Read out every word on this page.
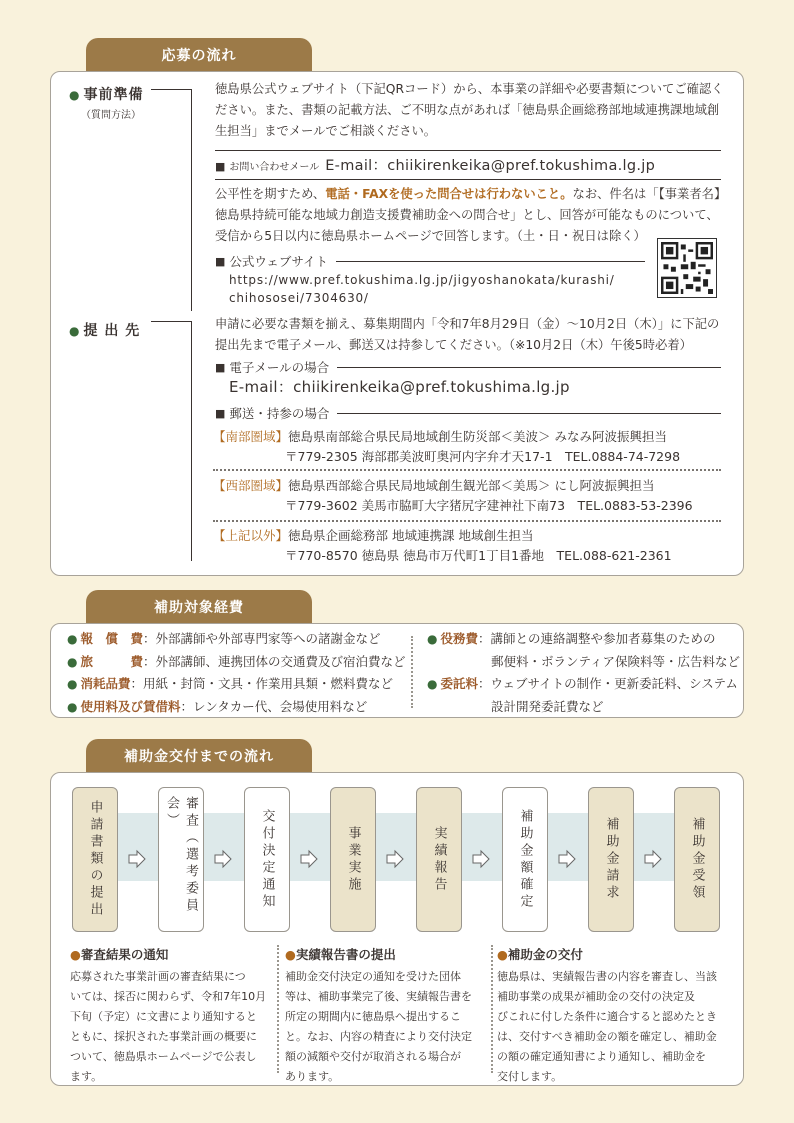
応募の流れ
● 事前準備
（質問方法）
徳島県公式ウェブサイト（下記QRコード）から、本事業の詳細や必要書類についてご確認ください。また、書類の記載方法、ご不明な点があれば「徳島県企画総務部地域連携課地域創生担当」までメールでご相談ください。
■ お問い合わせメール E-mail：chiikirenkeika@pref.tokushima.lg.jp
公平性を期すため、電話・FAXを使った問合せは行わないこと。なお、件名は「【事業者名】徳島県持続可能な地域力創造支援費補助金への問合せ」とし、回答が可能なものについて、受信から5日以内に徳島県ホームページで回答します。（土・日・祝日は除く）
■ 公式ウェブサイト
https://www.pref.tokushima.lg.jp/jigyoshanokata/kurashi/
chihososei/7304630/
● 提 出 先	申請に必要な書類を揃え、募集期間内「令和7年8月29日（金）～10月2日（木）」に下記の提出先まで電子メール、郵送又は持参してください。（※10月2日（木）午後5時必着）
■ 電子メールの場合
E-mail：chiikirenkeika@pref.tokushima.lg.jp
■ 郵送・持参の場合
【南部圏域】徳島県南部総合県民局地域創生防災部＜美波＞ みなみ阿波振興担当
〒779-2305 海部郡美波町奥河内字弁才天17-1　TEL.0884-74-7298
【西部圏域】徳島県西部総合県民局地域創生観光部＜美馬＞ にし阿波振興担当
〒779-3602 美馬市脇町大字猪尻字建神社下南73　TEL.0883-53-2396
【上記以外】徳島県企画総務部 地域連携課 地域創生担当
〒770-8570 徳島県 徳島市万代町1丁目1番地　TEL.088-621-2361
補助対象経費
● 報　償　費：外部講師や外部専門家等への諸謝金など
● 旅　　　費：外部講師、連携団体の交通費及び宿泊費など
● 消耗品費：用紙・封筒・文具・作業用具類・燃料費など
● 使用料及び賃借料：レンタカー代、会場使用料など
● 役務費：講師との連絡調整や参加者募集のための
郵便料・ボランティア保険料等・広告料など
● 委託料：ウェブサイトの制作・更新委託料、システム
設計開発委託費など
補助金交付までの流れ
申請書類の提出	審査（選考委員会）	交付決定通知	事業実施	実績報告	補助金額確定	補助金請求	補助金受領
●審査結果の通知
応募された事業計画の審査結果につ
いては、採否に関わらず、令和7年10月
下旬（予定）に文書により通知すると
ともに、採択された事業計画の概要に
ついて、徳島県ホームページで公表し
ます。
●実績報告書の提出
補助金交付決定の通知を受けた団体
等は、補助事業完了後、実績報告書を
所定の期間内に徳島県へ提出するこ
と。なお、内容の精査により交付決定
額の減額や交付が取消される場合が
あります。
●補助金の交付
徳島県は、実績報告書の内容を審査し、当該
補助事業の成果が補助金の交付の決定及
びこれに付した条件に適合すると認めたとき
は、交付すべき補助金の額を確定し、補助金
の額の確定通知書により通知し、補助金を
交付します。
